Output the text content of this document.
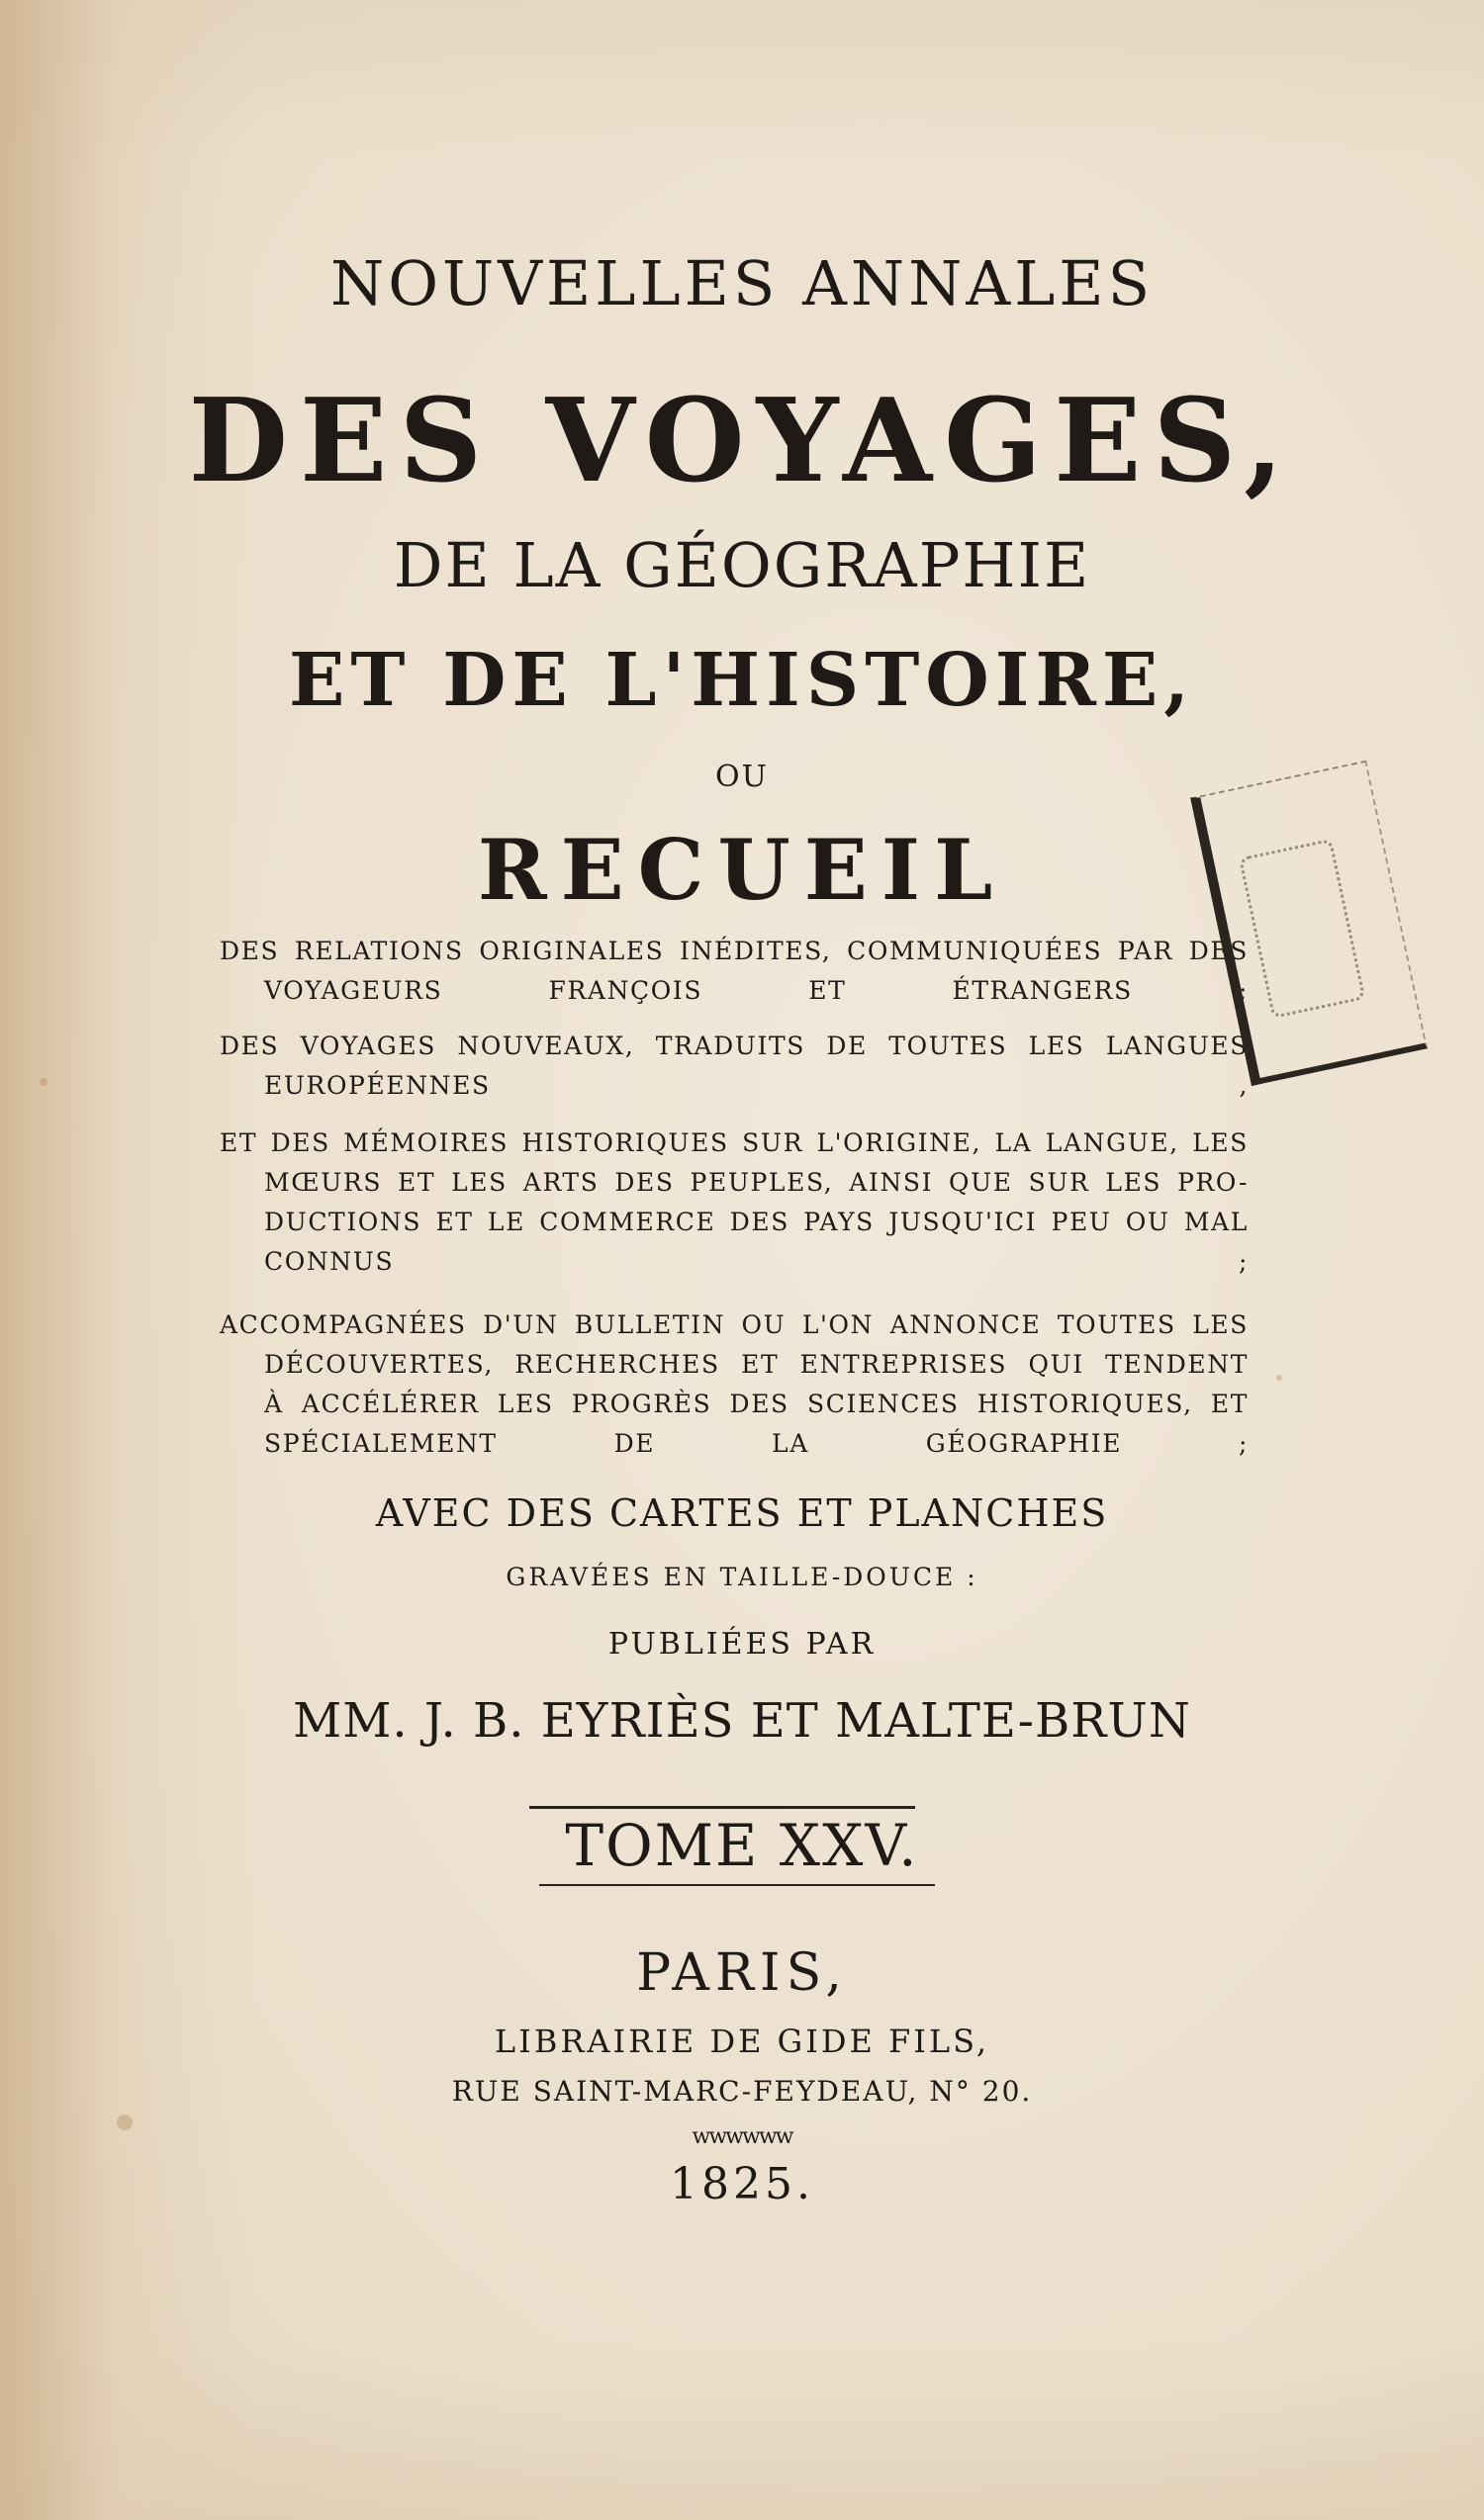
NOUVELLES ANNALES
DES VOYAGES,
DE LA GÉOGRAPHIE
ET DE L'HISTOIRE,
OU
RECUEIL
DES RELATIONS ORIGINALES INÉDITES, COMMUNIQUÉES PAR DES

VOYAGEURS FRANÇOIS ET ÉTRANGERS ;
DES VOYAGES NOUVEAUX, TRADUITS DE TOUTES LES LANGUES

EUROPÉENNES ,
ET DES MÉMOIRES HISTORIQUES SUR L'ORIGINE, LA LANGUE, LES

MŒURS ET LES ARTS DES PEUPLES, AINSI QUE SUR LES PRO-
DUCTIONS ET LE COMMERCE DES PAYS JUSQU'ICI PEU OU MAL
CONNUS ;
ACCOMPAGNÉES D'UN BULLETIN OU L'ON ANNONCE TOUTES LES

DÉCOUVERTES, RECHERCHES ET ENTREPRISES QUI TENDENT
À ACCÉLÉRER LES PROGRÈS DES SCIENCES HISTORIQUES, ET
SPÉCIALEMENT DE LA GÉOGRAPHIE ;
AVEC DES CARTES ET PLANCHES
GRAVÉES EN TAILLE-DOUCE :
PUBLIÉES PAR
MM. J. B. EYRIÈS ET MALTE-BRUN
TOME XXV.
PARIS,
LIBRAIRIE DE GIDE FILS,
RUE SAINT-MARC-FEYDEAU, N° 20.
wwwwww
1825.
